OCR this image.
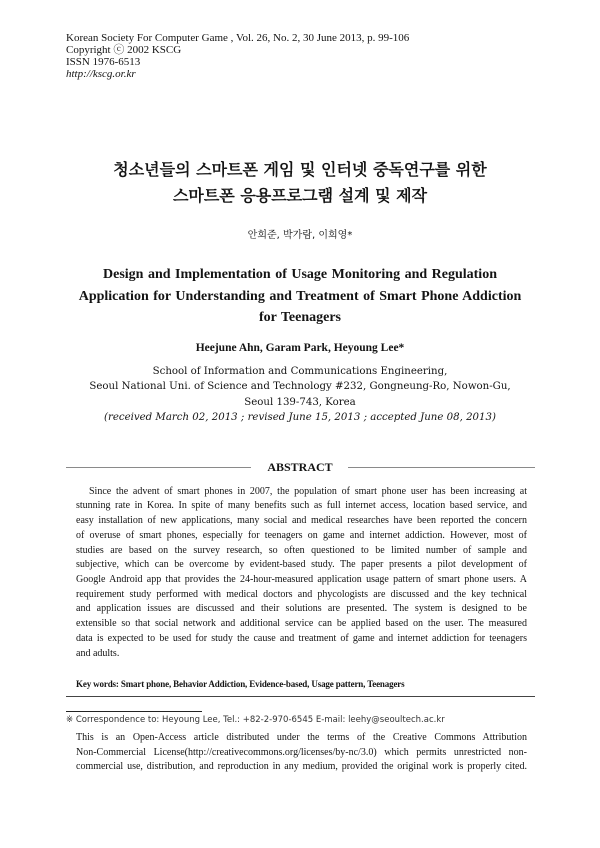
Korean Society For Computer Game , Vol. 26, No. 2, 30 June 2013, p. 99-106
Copyright ⓒ 2002 KSCG
ISSN 1976-6513
http://kscg.or.kr
청소년들의 스마트폰 게임 및 인터넷 중독연구를 위한
스마트폰 응용프로그램 설계 및 제작
안희준, 박가람, 이희영*
Design and Implementation of Usage Monitoring and Regulation
Application for Understanding and Treatment of Smart Phone Addiction
for Teenagers
Heejune Ahn, Garam Park, Heyoung Lee*
School of Information and Communications Engineering,
Seoul National Uni. of Science and Technology #232, Gongneung-Ro, Nowon-Gu,
Seoul 139-743, Korea
(received March 02, 2013 ; revised June 15, 2013 ; accepted June 08, 2013)
ABSTRACT
Since the advent of smart phones in 2007, the population of smart phone user has been increasing at
stunning rate in Korea. In spite of many benefits such as full internet access, location based service, and
easy installation of new applications, many social and medical researches have been reported the concern
of overuse of smart phones, especially for teenagers on game and internet addiction. However, most of
studies are based on the survey research, so often questioned to be limited number of sample and
subjective, which can be overcome by evident-based study. The paper presents a pilot development of
Google Android app that provides the 24-hour-measured application usage pattern of smart phone users. A
requirement study performed with medical doctors and phycologists are discussed and the key technical
and application issues are discussed and their solutions are presented. The system is designed to be
extensible so that social network and additional service can be applied based on the user. The measured
data is expected to be used for study the cause and treatment of game and internet addiction for teenagers
and adults.
Key words: Smart phone, Behavior Addiction, Evidence-based, Usage pattern, Teenagers
※ Correspondence to: Heyoung Lee, Tel.: +82-2-970-6545 E-mail: leehy@seoultech.ac.kr
This is an Open-Access article distributed under the terms of the Creative Commons Attribution
Non-Commercial License(http://creativecommons.org/licenses/by-nc/3.0) which permits unrestricted non-
commercial use, distribution, and reproduction in any medium, provided the original work is properly cited.
